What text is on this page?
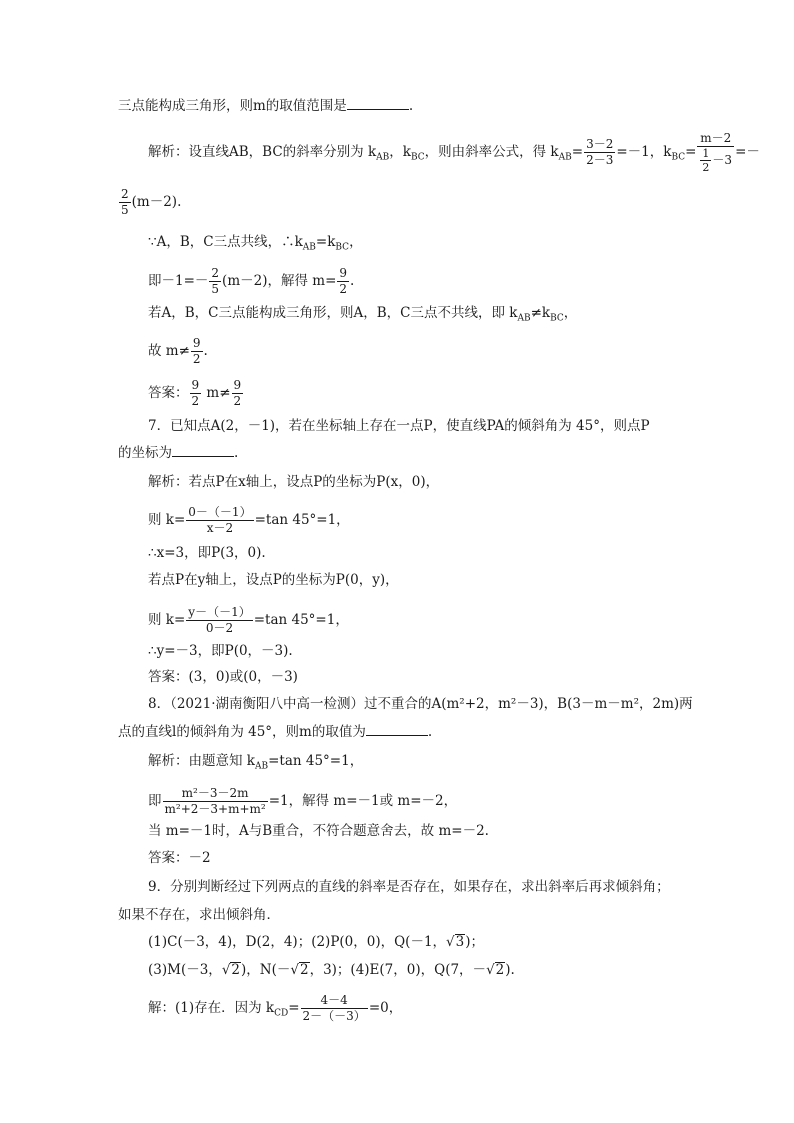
三点能构成三角形，则m的取值范围是	.
解析：设直线AB，BC的斜率分别为 $k_{AB}$，$k_{BC}$，则由斜率公式，得 $k_{AB}= \frac{3-2}{2-3} =-1$，$k_{BC}= \frac{m-2}{\frac{1}{2} -3}$ =－
$\frac{2}{5} (m-2)$.
∵A，B，C三点共线，$\therefore k_{AB}=k_{BC}$，
即$-1=- \frac{2}{5} (m-2)$，解得 $m= \frac{9}{2}$ .
若A，B，C三点能构成三角形，则A，B，C三点不共线，即 $k_{AB}\ne k_{BC}$，
故 $m\ne \frac{9}{2}$ .
答案： $\frac{9}{2} m\ne \frac{9}{2}$
7．已知点A(2，－1)，若在坐标轴上存在一点P，使直线PA的倾斜角为 45°，则点P
的坐标为	.
解析：若点P在x轴上，设点P的坐标为P(x，0)，
则 $k= \frac{0-(-1)}{x-2} =\tan$ 45°=1，
∴x=3，即P(3，0).
若点P在y轴上，设点P的坐标为P(0，y)，
则 $k= \frac{y-(-1)}{0-2} =\tan$ 45°=1，
∴y=－3，即P(0，－3).
答案：(3，0)或(0，－3)
8．（2021·湖南衡阳八中高一检测）过不重合的A(m²+2，m²－3)，B(3－m－m²，2m)两
点的直线l的倾斜角为 45°，则m的取值为	.
解析：由题意知 $k_{AB}=\tan$ 45°=1，
即 $\frac{\text{m²－3－2m}}{\text{m²+2－3+m+m²}} =1$，解得 m=－1或 m=－2，
当 m=－1时，A与B重合，不符合题意舍去，故 m=－2.
答案：－2
9．分别判断经过下列两点的直线的斜率是否存在，如果存在，求出斜率后再求倾斜角；
如果不存在，求出倾斜角．
(1)C(－3，4)，D(2，4)；(2)P(0，0)，Q(－1，√3)；
(3)M(－3，√2)，N(－√2，3)；(4)E(7，0)，Q(7，－√2).
解：(1)存在．因为 $k_{CD}= \frac{4-4}{2-(-3)} =0$，
